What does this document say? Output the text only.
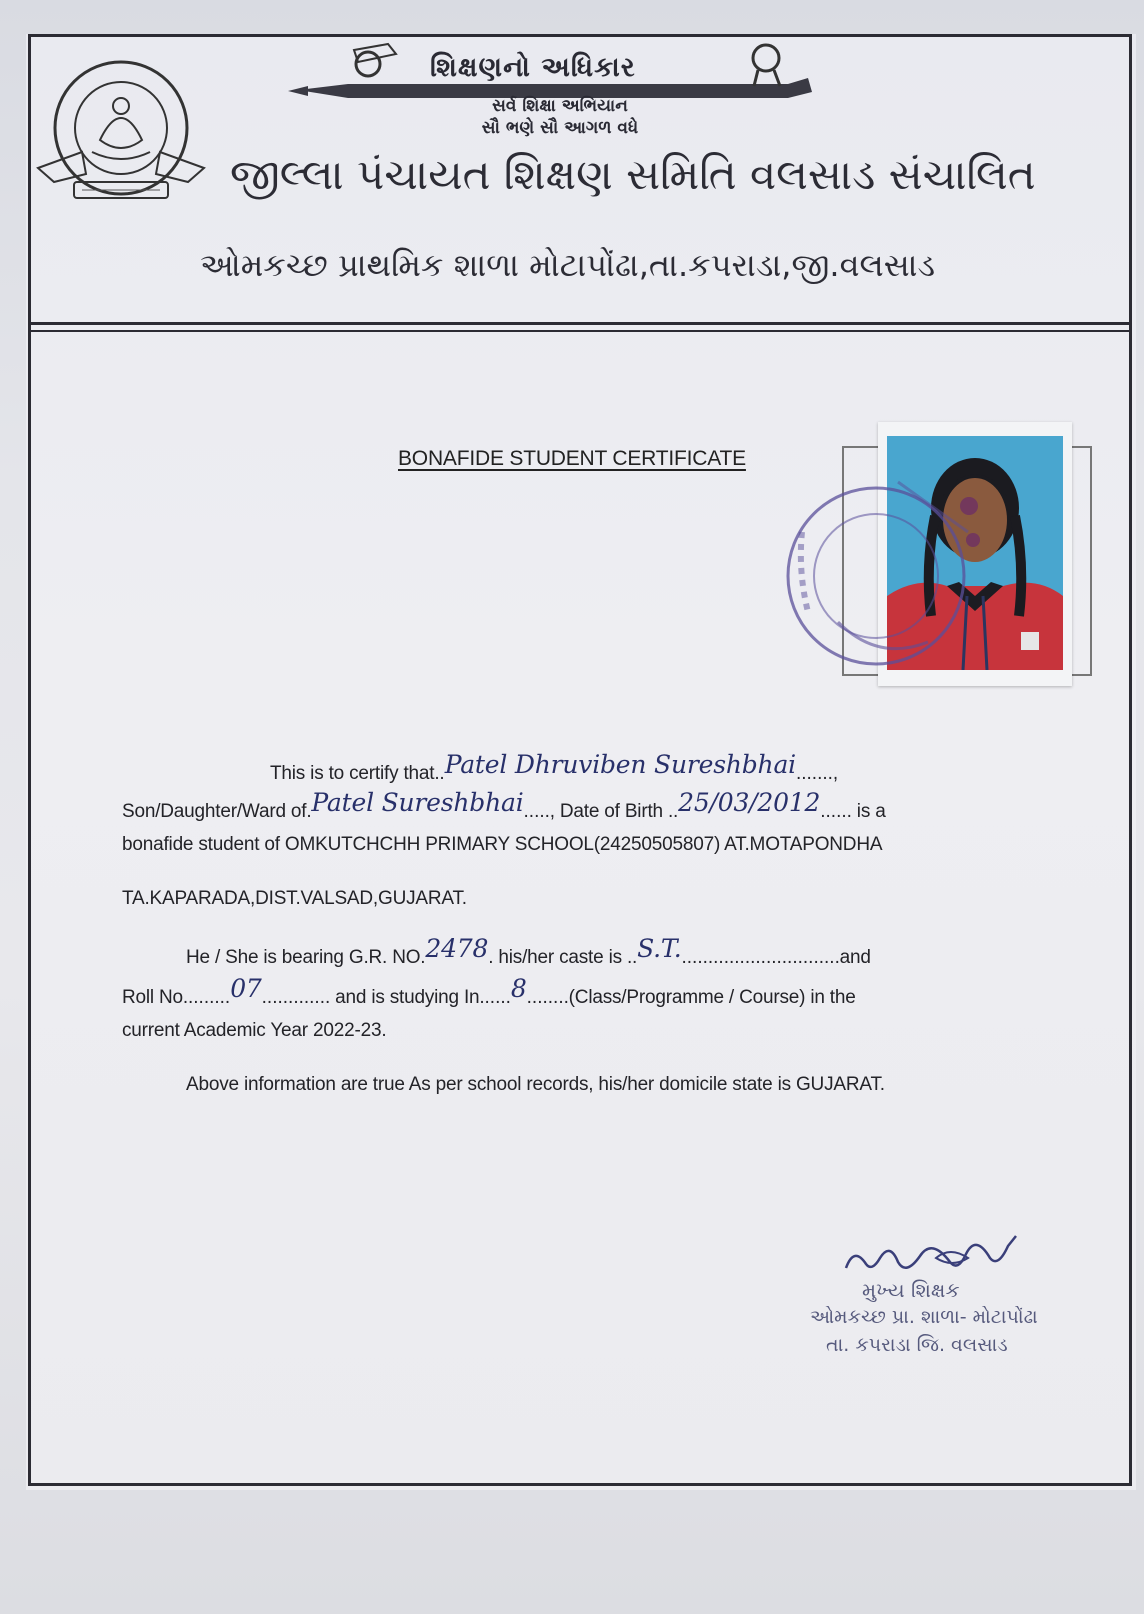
શિક્ષણનો અધિકાર
સર્વ શિક્ષા અભિયાન
સૌ ભણે સૌ આગળ વધે
જીલ્લા પંચાયત શિક્ષણ સમિતિ વલસાડ સંચાલિત
ઓમકચ્છ પ્રાથમિક શાળા મોટાપોંઢા,તા.કપરાડા,જી.વલસાડ
BONAFIDE STUDENT CERTIFICATE
This is to certify that..Patel Dhruviben Sureshbhai.......,
Son/Daughter/Ward of.Patel Sureshbhai....., Date of Birth ..25/03/2012...... is a
bonafide student of OMKUTCHCHH PRIMARY SCHOOL(24250505807) AT.MOTAPONDHA
TA.KAPARADA,DIST.VALSAD,GUJARAT.
He / She is bearing G.R. NO.2478. his/her caste is ..S.T...............................and
Roll No.........07............. and is studying In......8........(Class/Programme / Course) in the
current Academic Year 2022-23.
Above information are true As per school records, his/her domicile state is GUJARAT.
મુખ્ય શિક્ષક
ઓમકચ્છ પ્રા. શાળા- મોટાપોંઢા
તા. કપરાડા જિ. વલસાડ
